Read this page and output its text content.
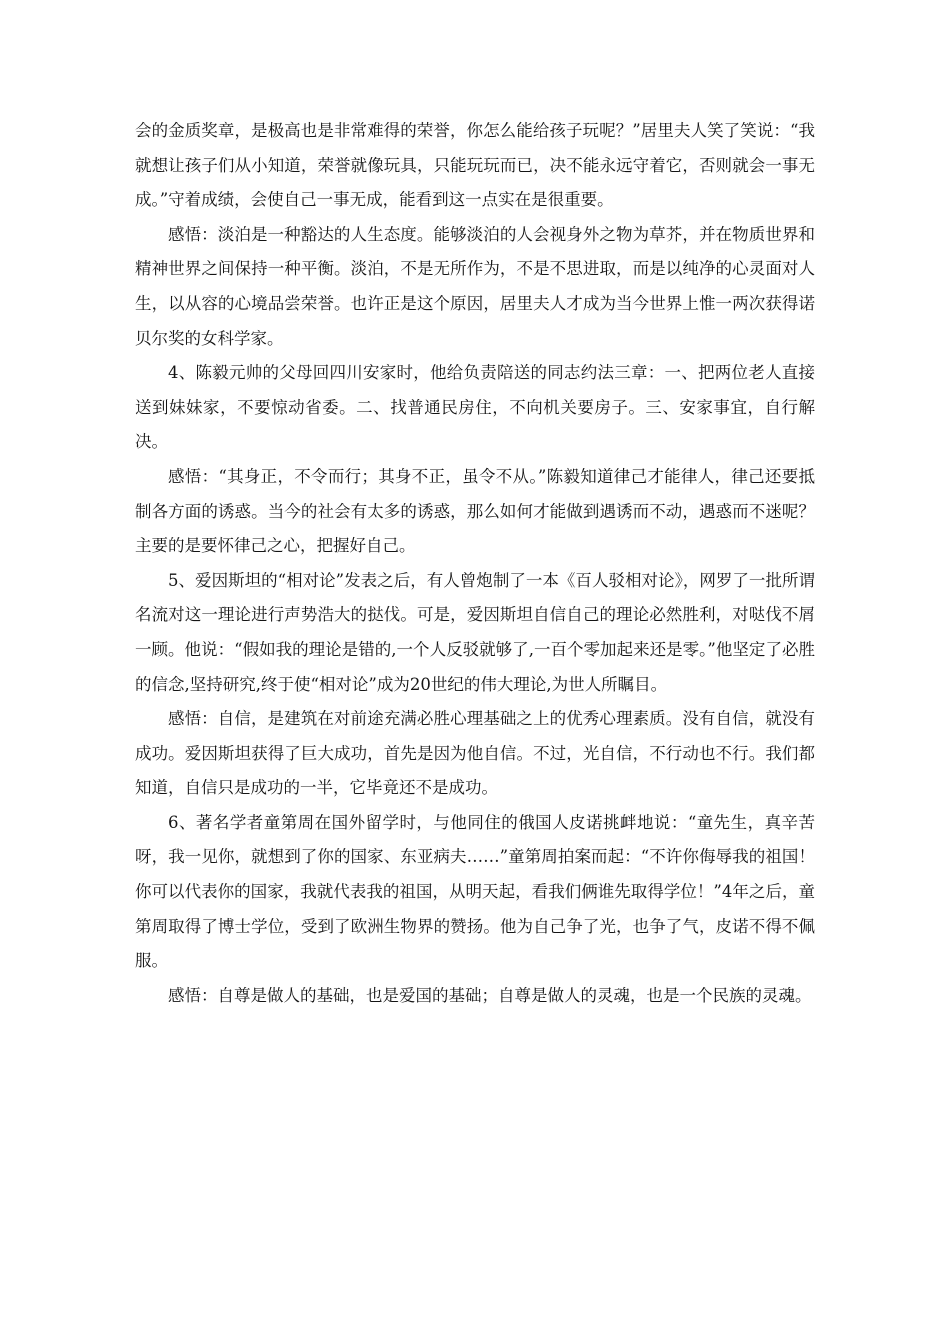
会的金质奖章，是极高也是非常难得的荣誉，你怎么能给孩子玩呢？”居里夫人笑了笑说：“我就想让孩子们从小知道，荣誉就像玩具，只能玩玩而已，决不能永远守着它，否则就会一事无成。”守着成绩，会使自己一事无成，能看到这一点实在是很重要。

感悟：淡泊是一种豁达的人生态度。能够淡泊的人会视身外之物为草芥，并在物质世界和精神世界之间保持一种平衡。淡泊，不是无所作为，不是不思进取，而是以纯净的心灵面对人生，以从容的心境品尝荣誉。也许正是这个原因，居里夫人才成为当今世界上惟一两次获得诺贝尔奖的女科学家。

4、陈毅元帅的父母回四川安家时，他给负责陪送的同志约法三章：一、把两位老人直接送到妹妹家，不要惊动省委。二、找普通民房住，不向机关要房子。三、安家事宜，自行解决。

感悟：“其身正，不令而行；其身不正，虽令不从。”陈毅知道律己才能律人，律己还要抵制各方面的诱惑。当今的社会有太多的诱惑，那么如何才能做到遇诱而不动，遇惑而不迷呢？主要的是要怀律己之心，把握好自己。

5、爱因斯坦的“相对论”发表之后，有人曾炮制了一本《百人驳相对论》，网罗了一批所谓名流对这一理论进行声势浩大的挞伐。可是，爱因斯坦自信自己的理论必然胜利，对哒伐不屑一顾。他说：“假如我的理论是错的,一个人反驳就够了,一百个零加起来还是零。”他坚定了必胜的信念,坚持研究,终于使“相对论”成为20世纪的伟大理论,为世人所瞩目。

感悟：自信，是建筑在对前途充满必胜心理基础之上的优秀心理素质。没有自信，就没有成功。爱因斯坦获得了巨大成功，首先是因为他自信。不过，光自信，不行动也不行。我们都知道，自信只是成功的一半，它毕竟还不是成功。

6、著名学者童第周在国外留学时，与他同住的俄国人皮诺挑衅地说：“童先生，真辛苦呀，我一见你，就想到了你的国家、东亚病夫……”童第周拍案而起：“不许你侮辱我的祖国！你可以代表你的国家，我就代表我的祖国，从明天起，看我们俩谁先取得学位！”4年之后，童第周取得了博士学位，受到了欧洲生物界的赞扬。他为自己争了光，也争了气，皮诺不得不佩服。

感悟：自尊是做人的基础，也是爱国的基础；自尊是做人的灵魂，也是一个民族的灵魂。
